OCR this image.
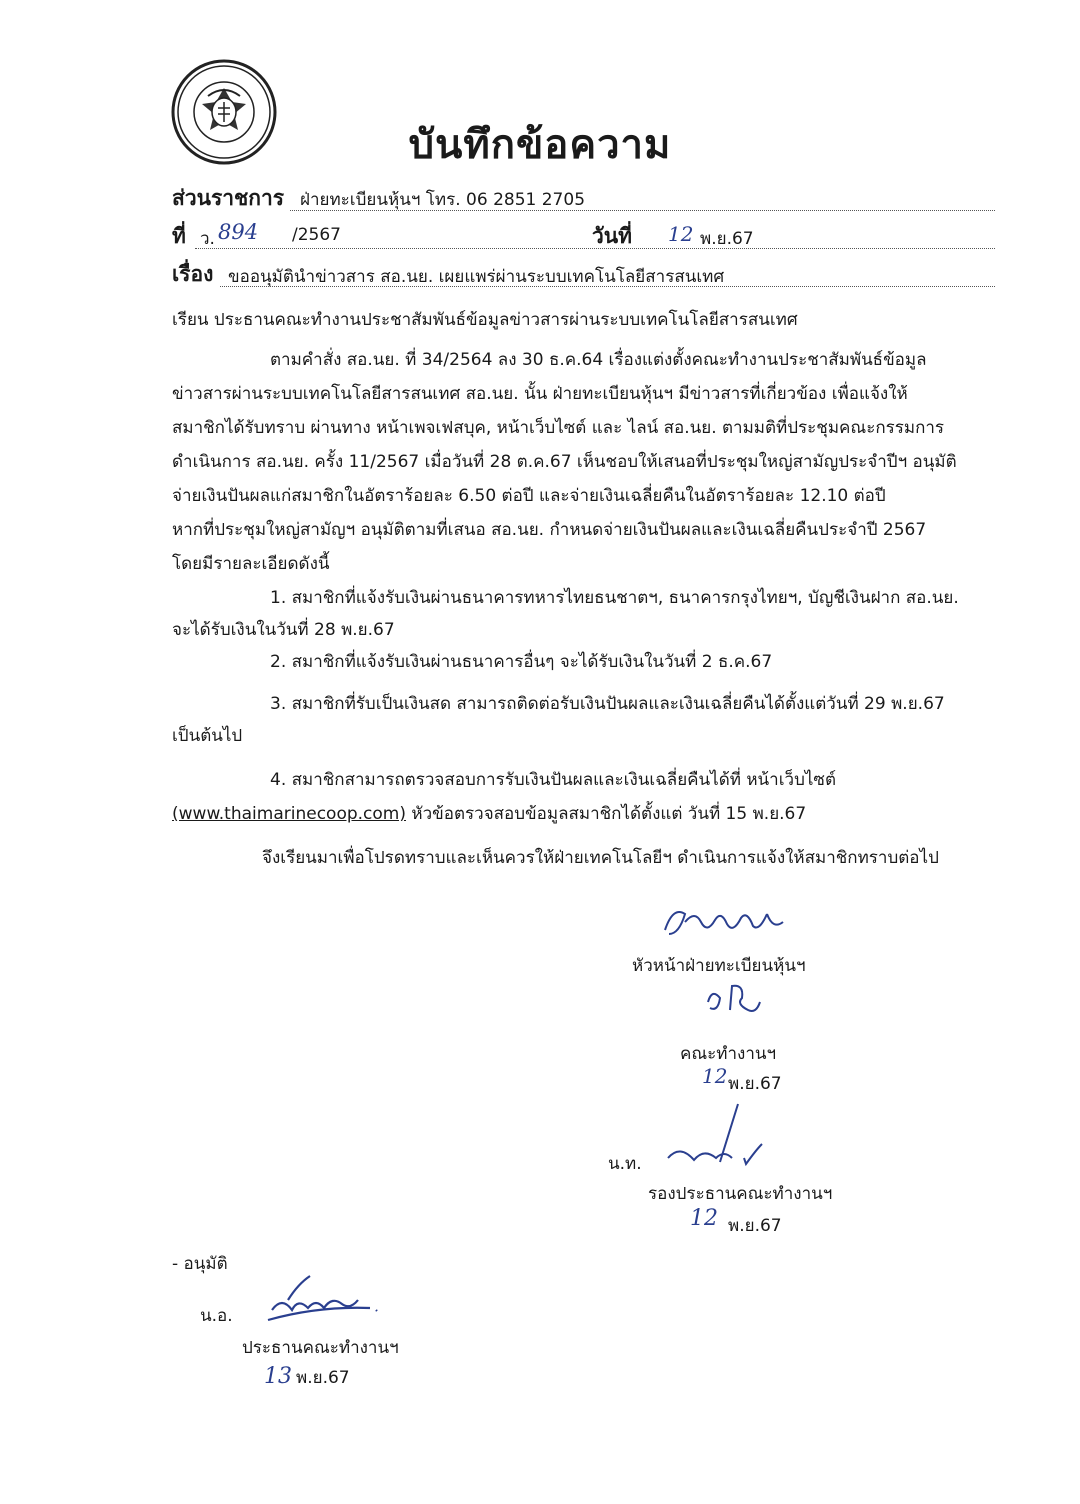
บันทึกข้อความ
ส่วนราชการ ฝ่ายทะเบียนหุ้นฯ โทร. 06 2851 2705
ที่ ว. 894 /2567	วันที่ 12 พ.ย.67
เรื่อง ขออนุมัตินำข่าวสาร สอ.นย. เผยแพร่ผ่านระบบเทคโนโลยีสารสนเทศ
เรียน ประธานคณะทำงานประชาสัมพันธ์ข้อมูลข่าวสารผ่านระบบเทคโนโลยีสารสนเทศ
ตามคำสั่ง สอ.นย. ที่ 34/2564 ลง 30 ธ.ค.64 เรื่องแต่งตั้งคณะทำงานประชาสัมพันธ์ข้อมูล
ข่าวสารผ่านระบบเทคโนโลยีสารสนเทศ สอ.นย. นั้น ฝ่ายทะเบียนหุ้นฯ มีข่าวสารที่เกี่ยวข้อง เพื่อแจ้งให้
สมาชิกได้รับทราบ ผ่านทาง หน้าเพจเฟสบุค, หน้าเว็บไซต์ และ ไลน์ สอ.นย. ตามมติที่ประชุมคณะกรรมการ
ดำเนินการ สอ.นย. ครั้ง 11/2567 เมื่อวันที่ 28 ต.ค.67 เห็นชอบให้เสนอที่ประชุมใหญ่สามัญประจำปีฯ อนุมัติ
จ่ายเงินปันผลแก่สมาชิกในอัตราร้อยละ 6.50 ต่อปี และจ่ายเงินเฉลี่ยคืนในอัตราร้อยละ 12.10 ต่อปี
หากที่ประชุมใหญ่สามัญฯ อนุมัติตามที่เสนอ สอ.นย. กำหนดจ่ายเงินปันผลและเงินเฉลี่ยคืนประจำปี 2567
โดยมีรายละเอียดดังนี้
1. สมาชิกที่แจ้งรับเงินผ่านธนาคารทหารไทยธนชาตฯ, ธนาคารกรุงไทยฯ, บัญชีเงินฝาก สอ.นย.
จะได้รับเงินในวันที่ 28 พ.ย.67
2. สมาชิกที่แจ้งรับเงินผ่านธนาคารอื่นๆ จะได้รับเงินในวันที่ 2 ธ.ค.67
3. สมาชิกที่รับเป็นเงินสด สามารถติดต่อรับเงินปันผลและเงินเฉลี่ยคืนได้ตั้งแต่วันที่ 29 พ.ย.67
เป็นต้นไป
4. สมาชิกสามารถตรวจสอบการรับเงินปันผลและเงินเฉลี่ยคืนได้ที่ หน้าเว็บไซต์
(www.thaimarinecoop.com) หัวข้อตรวจสอบข้อมูลสมาชิกได้ตั้งแต่ วันที่ 15 พ.ย.67
จึงเรียนมาเพื่อโปรดทราบและเห็นควรให้ฝ่ายเทคโนโลยีฯ ดำเนินการแจ้งให้สมาชิกทราบต่อไป
หัวหน้าฝ่ายทะเบียนหุ้นฯ
คณะทำงานฯ
12 พ.ย.67
น.ท.
รองประธานคณะทำงานฯ
12 พ.ย.67
- อนุมัติ
น.อ.
ประธานคณะทำงานฯ
13 พ.ย.67
